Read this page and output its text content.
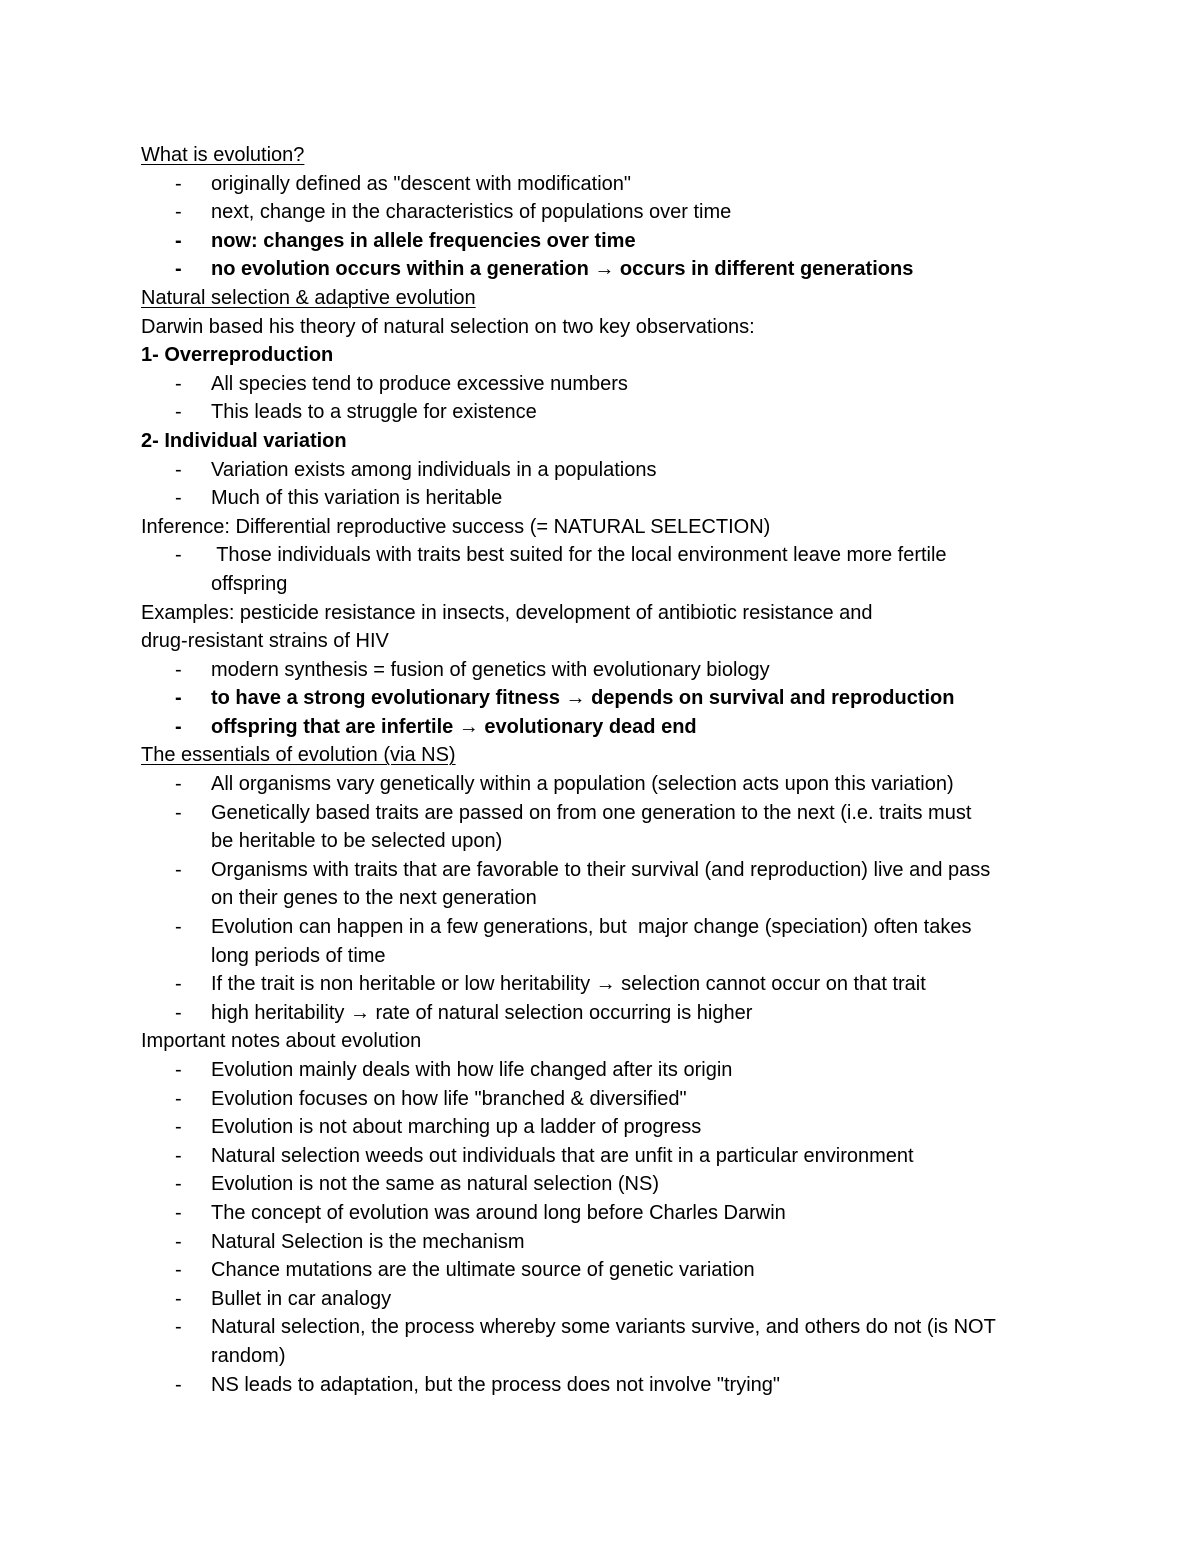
What is evolution?
- originally defined as "descent with modification"
- next, change in the characteristics of populations over time
- now: changes in allele frequencies over time
- no evolution occurs within a generation → occurs in different generations
Natural selection & adaptive evolution
Darwin based his theory of natural selection on two key observations:
1- Overreproduction
- All species tend to produce excessive numbers
- This leads to a struggle for existence
2- Individual variation
- Variation exists among individuals in a populations
- Much of this variation is heritable
Inference: Differential reproductive success (= NATURAL SELECTION)
- Those individuals with traits best suited for the local environment leave more fertile
offspring
Examples: pesticide resistance in insects, development of antibiotic resistance and
drug-resistant strains of HIV
- modern synthesis = fusion of genetics with evolutionary biology
- to have a strong evolutionary fitness → depends on survival and reproduction
- offspring that are infertile → evolutionary dead end
The essentials of evolution (via NS)
- All organisms vary genetically within a population (selection acts upon this variation)
- Genetically based traits are passed on from one generation to the next (i.e. traits must
be heritable to be selected upon)
- Organisms with traits that are favorable to their survival (and reproduction) live and pass
on their genes to the next generation
- Evolution can happen in a few generations, but  major change (speciation) often takes
long periods of time
- If the trait is non heritable or low heritability → selection cannot occur on that trait
- high heritability → rate of natural selection occurring is higher
Important notes about evolution
- Evolution mainly deals with how life changed after its origin
- Evolution focuses on how life "branched & diversified"
- Evolution is not about marching up a ladder of progress
- Natural selection weeds out individuals that are unfit in a particular environment
- Evolution is not the same as natural selection (NS)
- The concept of evolution was around long before Charles Darwin
- Natural Selection is the mechanism
- Chance mutations are the ultimate source of genetic variation
- Bullet in car analogy
- Natural selection, the process whereby some variants survive, and others do not (is NOT
random)
- NS leads to adaptation, but the process does not involve "trying"
